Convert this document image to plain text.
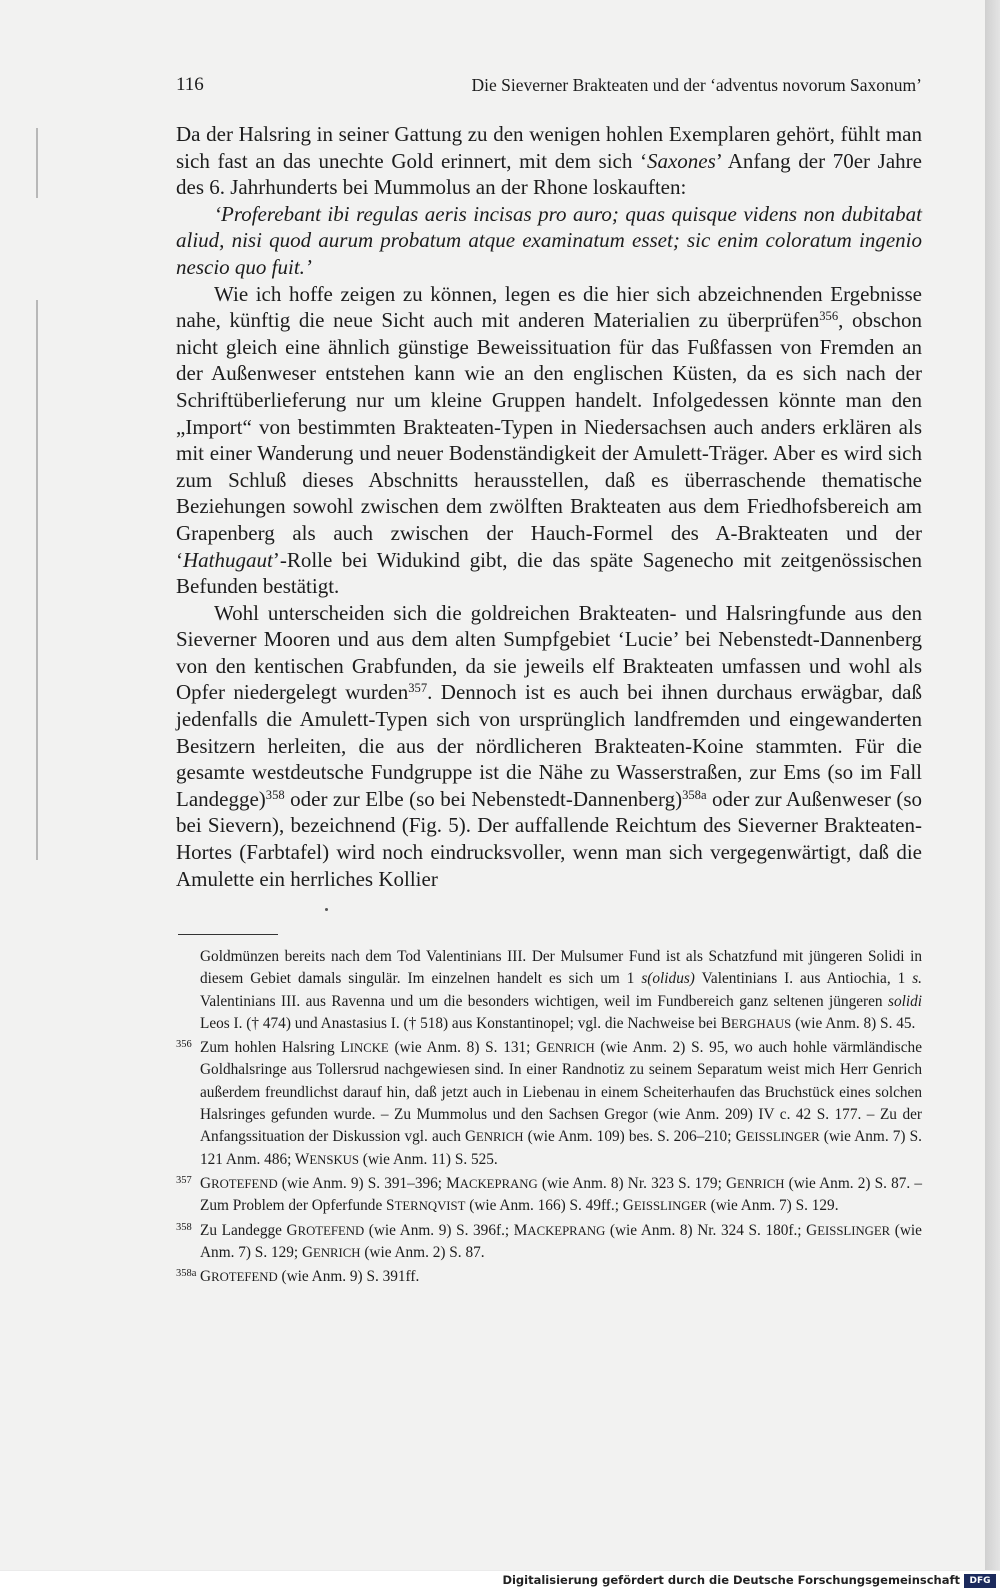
116	Die Sieverner Brakteaten und der ‘adventus novorum Saxonum’

Da der Halsring in seiner Gattung zu den wenigen hohlen Exemplaren gehört, fühlt man sich fast an das unechte Gold erinnert, mit dem sich ‘Saxones’ Anfang der 70er Jahre des 6. Jahrhunderts bei Mummolus an der Rhone loskauften:

‘Proferebant ibi regulas aeris incisas pro auro; quas quisque videns non dubitabat aliud, nisi quod aurum probatum atque examinatum esset; sic enim coloratum ingenio nescio quo fuit.’

Wie ich hoffe zeigen zu können, legen es die hier sich abzeichnenden Ergebnisse nahe, künftig die neue Sicht auch mit anderen Materialien zu überprüfen$^{356}$, obschon nicht gleich eine ähnlich günstige Beweissituation für das Fußfassen von Fremden an der Außenweser entstehen kann wie an den englischen Küsten, da es sich nach der Schriftüberlieferung nur um kleine Gruppen handelt. Infolgedessen könnte man den „Import“ von bestimmten Brakteaten-Typen in Niedersachsen auch anders erklären als mit einer Wanderung und neuer Bodenständigkeit der Amulett-Träger. Aber es wird sich zum Schluß dieses Abschnitts herausstellen, daß es überraschende thematische Beziehungen sowohl zwischen dem zwölften Brakteaten aus dem Friedhofsbereich am Grapenberg als auch zwischen der Hauch-Formel des A-Brakteaten und der ‘Hathugaut’-Rolle bei Widukind gibt, die das späte Sagenecho mit zeitgenössischen Befunden bestätigt.

Wohl unterscheiden sich die goldreichen Brakteaten- und Halsringfunde aus den Sieverner Mooren und aus dem alten Sumpfgebiet ‘Lucie’ bei Nebenstedt-Dannenberg von den kentischen Grabfunden, da sie jeweils elf Brakteaten umfassen und wohl als Opfer niedergelegt wurden$^{357}$. Dennoch ist es auch bei ihnen durchaus erwägbar, daß jedenfalls die Amulett-Typen sich von ursprünglich landfremden und eingewanderten Besitzern herleiten, die aus der nördlicheren Brakteaten-Koine stammten. Für die gesamte westdeutsche Fundgruppe ist die Nähe zu Wasserstraßen, zur Ems (so im Fall Landegge)$^{358}$ oder zur Elbe (so bei Nebenstedt-Dannenberg)$^{358a}$ oder zur Außenweser (so bei Sievern), bezeichnend (Fig. 5). Der auffallende Reichtum des Sieverner Brakteaten-Hortes (Farbtafel) wird noch eindrucksvoller, wenn man sich vergegenwärtigt, daß die Amulette ein herrliches Kollier

Goldmünzen bereits nach dem Tod Valentinians III. Der Mulsumer Fund ist als Schatzfund mit jüngeren Solidi in diesem Gebiet damals singulär. Im einzelnen handelt es sich um 1 s(olidus) Valentinians I. aus Antiochia, 1 s. Valentinians III. aus Ravenna und um die besonders wichtigen, weil im Fundbereich ganz seltenen jüngeren solidi Leos I. († 474) und Anastasius I. († 518) aus Konstantinopel; vgl. die Nachweise bei BERGHAUS (wie Anm. 8) S. 45.
356 Zum hohlen Halsring LINCKE (wie Anm. 8) S. 131; GENRICH (wie Anm. 2) S. 95, wo auch hohle värmländische Goldhalsringe aus Tollersrud nachgewiesen sind. In einer Randnotiz zu seinem Separatum weist mich Herr Genrich außerdem freundlichst darauf hin, daß jetzt auch in Liebenau in einem Scheiterhaufen das Bruchstück eines solchen Halsringes gefunden wurde. – Zu Mummolus und den Sachsen Gregor (wie Anm. 209) IV c. 42 S. 177. – Zu der Anfangssituation der Diskussion vgl. auch GENRICH (wie Anm. 109) bes. S. 206–210; GEISSLINGER (wie Anm. 7) S. 121 Anm. 486; WENSKUS (wie Anm. 11) S. 525.
357 GROTEFEND (wie Anm. 9) S. 391–396; MACKEPRANG (wie Anm. 8) Nr. 323 S. 179; GENRICH (wie Anm. 2) S. 87. – Zum Problem der Opferfunde STERNQVIST (wie Anm. 166) S. 49ff.; GEISSLINGER (wie Anm. 7) S. 129.
358 Zu Landegge GROTEFEND (wie Anm. 9) S. 396f.; MACKEPRANG (wie Anm. 8) Nr. 324 S. 180f.; GEISSLINGER (wie Anm. 7) S. 129; GENRICH (wie Anm. 2) S. 87.
358a GROTEFEND (wie Anm. 9) S. 391ff.
Digitalisierung gefördert durch die Deutsche Forschungsgemeinschaft	DFG
